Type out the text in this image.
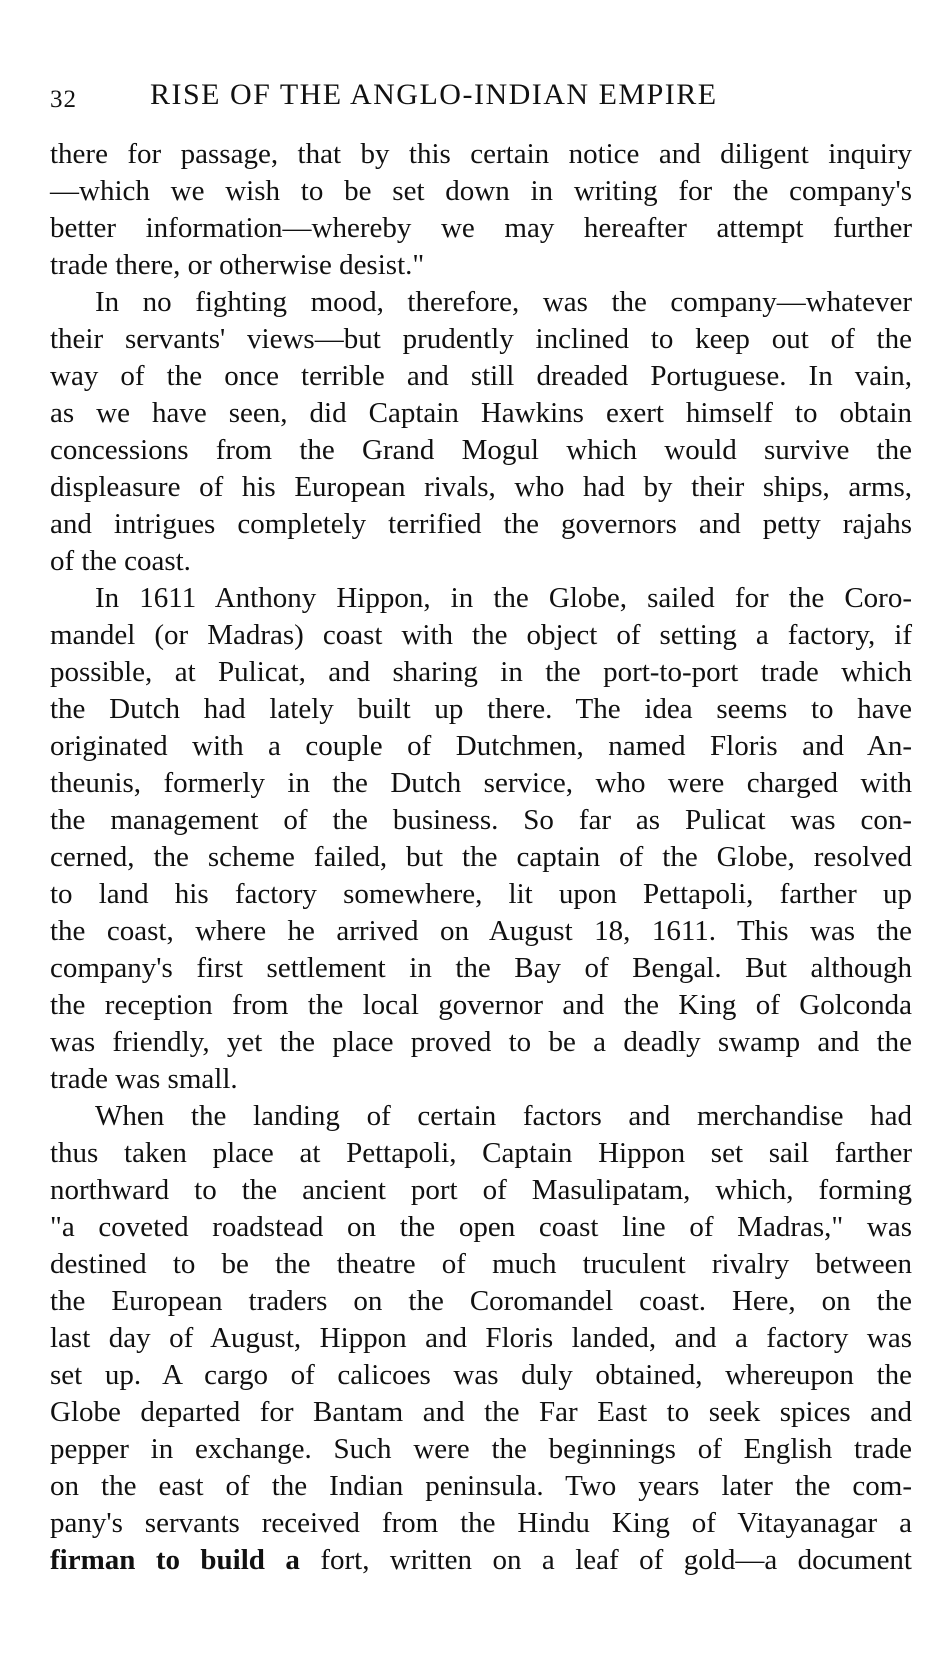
32 RISE OF THE ANGLO-INDIAN EMPIRE

there for passage, that by this certain notice and diligent inquiry

—which we wish to be set down in writing for the company's

better information—whereby we may hereafter attempt further

trade there, or otherwise desist."

In no fighting mood, therefore, was the company—whatever

their servants' views—but prudently inclined to keep out of the

way of the once terrible and still dreaded Portuguese. In vain,

as we have seen, did Captain Hawkins exert himself to obtain

concessions from the Grand Mogul which would survive the

displeasure of his European rivals, who had by their ships, arms,

and intrigues completely terrified the governors and petty rajahs

of the coast.

In 1611 Anthony Hippon, in the Globe, sailed for the Coro-

mandel (or Madras) coast with the object of setting a factory, if

possible, at Pulicat, and sharing in the port-to-port trade which

the Dutch had lately built up there. The idea seems to have

originated with a couple of Dutchmen, named Floris and An-

theunis, formerly in the Dutch service, who were charged with

the management of the business. So far as Pulicat was con-

cerned, the scheme failed, but the captain of the Globe, resolved

to land his factory somewhere, lit upon Pettapoli, farther up

the coast, where he arrived on August 18, 1611. This was the

company's first settlement in the Bay of Bengal. But although

the reception from the local governor and the King of Golconda

was friendly, yet the place proved to be a deadly swamp and the

trade was small.

When the landing of certain factors and merchandise had

thus taken place at Pettapoli, Captain Hippon set sail farther

northward to the ancient port of Masulipatam, which, forming

"a coveted roadstead on the open coast line of Madras," was

destined to be the theatre of much truculent rivalry between

the European traders on the Coromandel coast. Here, on the

last day of August, Hippon and Floris landed, and a factory was

set up. A cargo of calicoes was duly obtained, whereupon the

Globe departed for Bantam and the Far East to seek spices and

pepper in exchange. Such were the beginnings of English trade

on the east of the Indian peninsula. Two years later the com-

pany's servants received from the Hindu King of Vitayanagar a

firman to build a fort, written on a leaf of gold—a document
